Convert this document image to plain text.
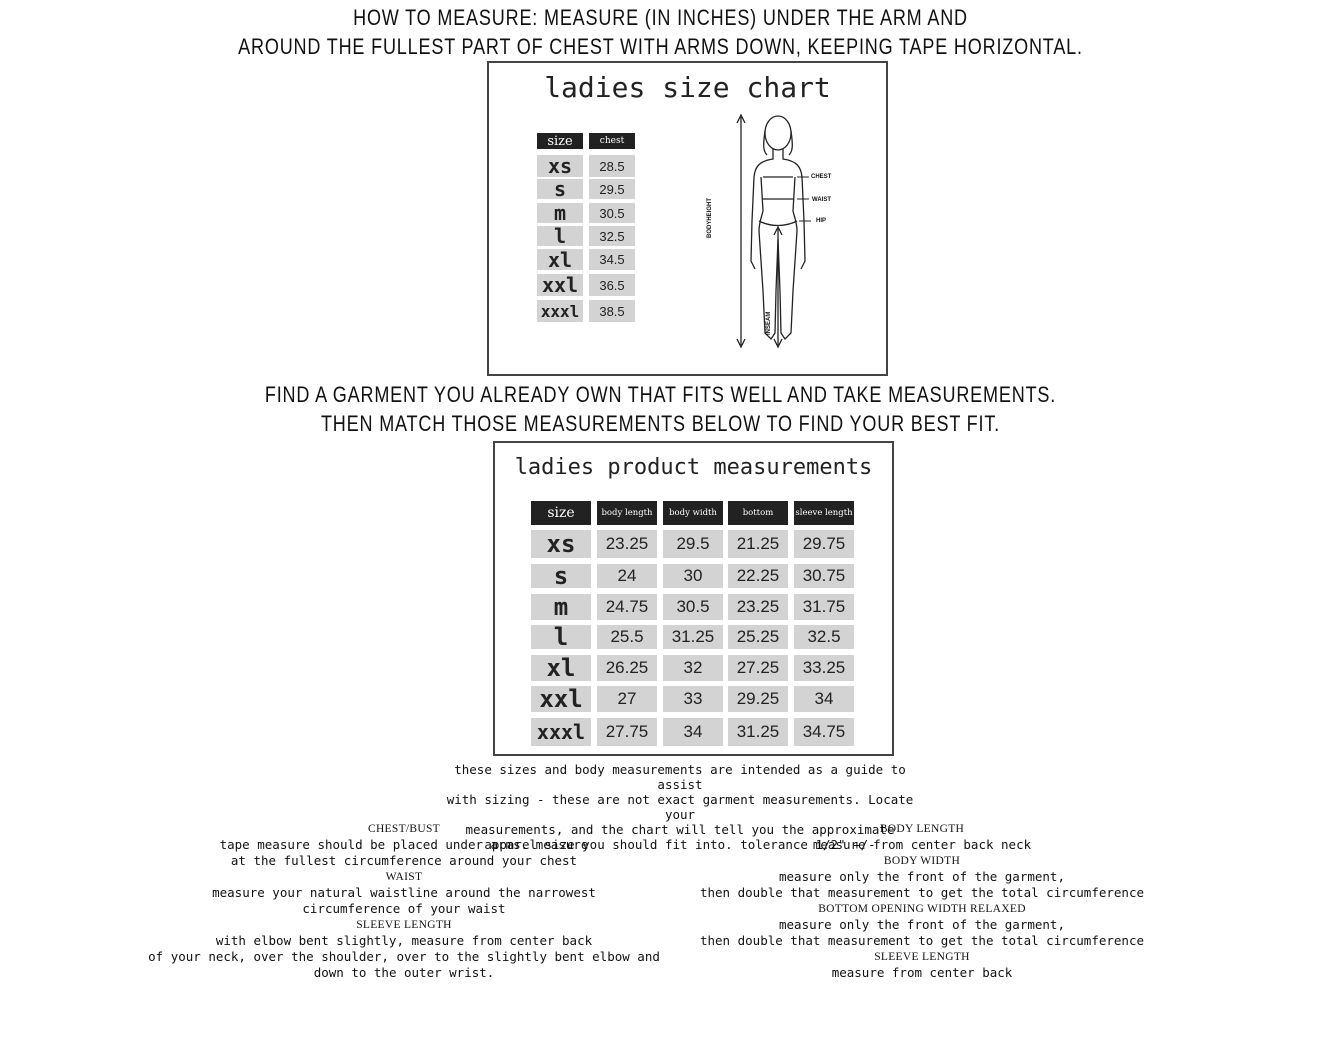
HOW TO MEASURE: MEASURE (IN INCHES) UNDER THE ARM AND
AROUND THE FULLEST PART OF CHEST WITH ARMS DOWN, KEEPING TAPE HORIZONTAL.
ladies size chart
size	chest
xs	28.5
s	29.5
m	30.5
l	32.5
xl	34.5
xxl	36.5
xxxl	38.5
CHEST
WAIST
HIP
BODYHEIGHT
INSEAM
FIND A GARMENT YOU ALREADY OWN THAT FITS WELL AND TAKE MEASUREMENTS.
THEN MATCH THOSE MEASUREMENTS BELOW TO FIND YOUR BEST FIT.
ladies product measurements
size	body length	body width	bottom	sleeve length
xs	23.25	29.5	21.25	29.75
s	24	30	22.25	30.75
m	24.75	30.5	23.25	31.75
l	25.5	31.25	25.25	32.5
xl	26.25	32	27.25	33.25
xxl	27	33	29.25	34
xxxl	27.75	34	31.25	34.75
these sizes and body measurements are intended as a guide to assist
with sizing - these are not exact garment measurements. Locate your
measurements, and the chart will tell you the approximate
apparel size you should fit into. tolerance 1/2" +/-
CHEST/BUST
tape measure should be placed under arms. measure
at the fullest circumference around your chest
WAIST
measure your natural waistline around the narrowest
circumference of your waist
SLEEVE LENGTH
with elbow bent slightly, measure from center back
of your neck, over the shoulder, over to the slightly bent elbow and
down to the outer wrist.
BODY LENGTH
measure from center back neck
BODY WIDTH
measure only the front of the garment,
then double that measurement to get the total circumference
BOTTOM OPENING WIDTH RELAXED
measure only the front of the garment,
then double that measurement to get the total circumference
SLEEVE LENGTH
measure from center back
